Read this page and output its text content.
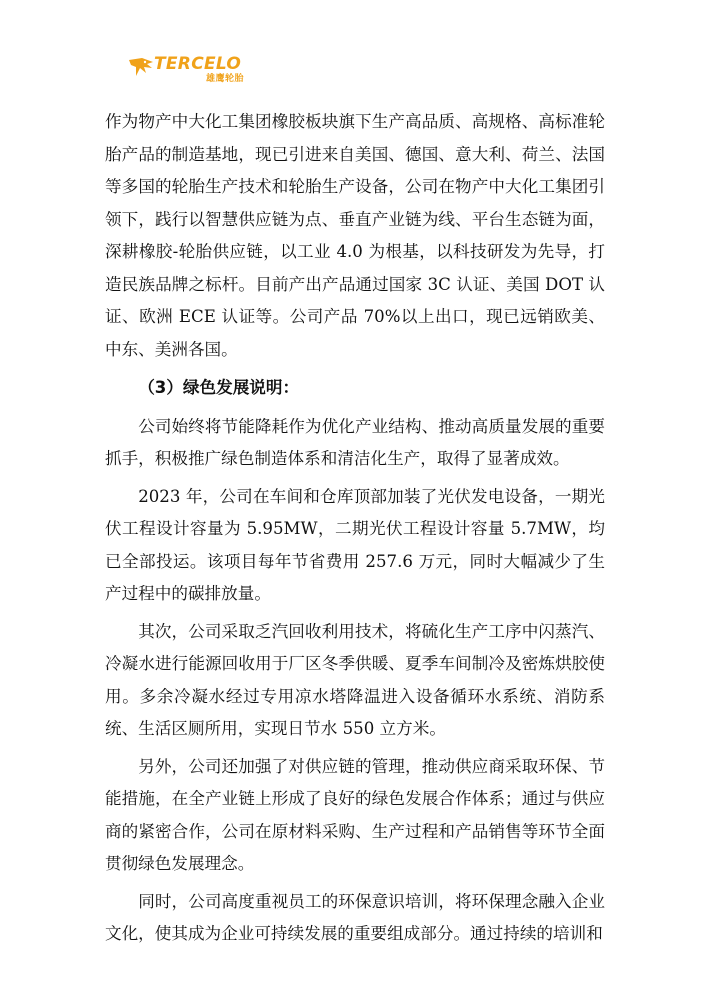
TERCELO
雄鹰轮胎

作为物产中大化工集团橡胶板块旗下生产高品质、高规格、高标准轮胎产品的制造基地，现已引进来自美国、德国、意大利、荷兰、法国等多国的轮胎生产技术和轮胎生产设备，公司在物产中大化工集团引领下，践行以智慧供应链为点、垂直产业链为线、平台生态链为面，深耕橡胶-轮胎供应链，以工业 4.0 为根基，以科技研发为先导，打造民族品牌之标杆。目前产出产品通过国家 3C 认证、美国 DOT 认证、欧洲 ECE 认证等。公司产品 70%以上出口，现已远销欧美、中东、美洲各国。

（3）绿色发展说明：

公司始终将节能降耗作为优化产业结构、推动高质量发展的重要抓手，积极推广绿色制造体系和清洁化生产，取得了显著成效。

2023 年，公司在车间和仓库顶部加装了光伏发电设备，一期光伏工程设计容量为 5.95MW，二期光伏工程设计容量 5.7MW，均已全部投运。该项目每年节省费用 257.6 万元，同时大幅减少了生产过程中的碳排放量。

其次，公司采取乏汽回收利用技术，将硫化生产工序中闪蒸汽、冷凝水进行能源回收用于厂区冬季供暖、夏季车间制冷及密炼烘胶使用。多余冷凝水经过专用凉水塔降温进入设备循环水系统、消防系统、生活区厕所用，实现日节水 550 立方米。

另外，公司还加强了对供应链的管理，推动供应商采取环保、节能措施，在全产业链上形成了良好的绿色发展合作体系；通过与供应商的紧密合作，公司在原材料采购、生产过程和产品销售等环节全面贯彻绿色发展理念。

同时，公司高度重视员工的环保意识培训，将环保理念融入企业文化，使其成为企业可持续发展的重要组成部分。通过持续的培训和
